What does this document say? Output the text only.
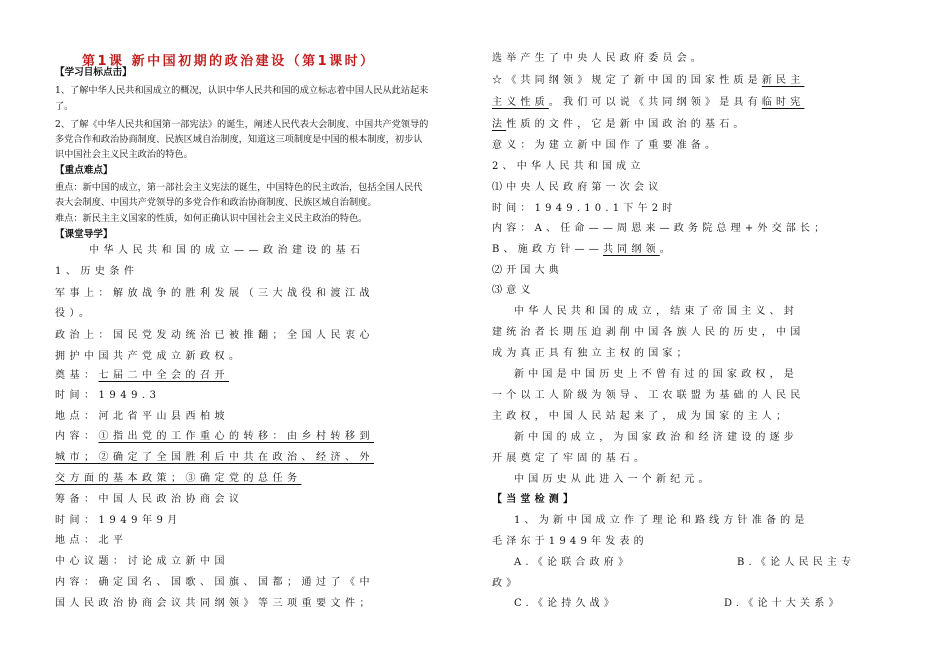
第1课 新中国初期的政治建设（第1课时）
【学习目标点击】
1、了解中华人民共和国成立的概况，认识中华人民共和国的成立标志着中国人民从此站起来
了。
2、了解《中华人民共和国第一部宪法》的诞生，阐述人民代表大会制度、中国共产党领导的
多党合作和政治协商制度、民族区域自治制度，知道这三项制度是中国的根本制度，初步认
识中国社会主义民主政治的特色。
【重点难点】
重点：新中国的成立，第一部社会主义宪法的诞生，中国特色的民主政治，包括全国人民代
表大会制度、中国共产党领导的多党合作和政治协商制度、民族区域自治制度。
难点：新民主主义国家的性质，如何正确认识中国社会主义民主政治的特色。
【课堂导学】
中华人民共和国的成立——政治建设的基石
1、历史条件
军事上：解放战争的胜利发展（三大战役和渡江战
役）。
政治上：国民党发动统治已被推翻；全国人民衷心
拥护中国共产党成立新政权。
奠基：七届二中全会的召开
时间：1949.3
地点：河北省平山县西柏坡
内容：①指出党的工作重心的转移：由乡村转移到
城市；②确定了全国胜利后中共在政治、经济、外
交方面的基本政策；③确定党的总任务
筹备：中国人民政治协商会议
时间：1949年9月
地点：北平
中心议题：讨论成立新中国
内容：确定国名、国歌、国旗、国都；通过了《中
国人民政治协商会议共同纲领》等三项重要文件；
选举产生了中央人民政府委员会。
☆《共同纲领》规定了新中国的国家性质是新民主
主义性质。我们可以说《共同纲领》是具有临时宪
法性质的文件，它是新中国政治的基石。
意义：为建立新中国作了重要准备。
2、中华人民共和国成立
⑴中央人民政府第一次会议
时间：1949.10.1下午2时
内容：A、任命——周恩来—政务院总理+外交部长；
B、施政方针——共同纲领。
⑵开国大典
⑶意义
中华人民共和国的成立，结束了帝国主义、封
建统治者长期压迫剥削中国各族人民的历史，中国
成为真正具有独立主权的国家；
新中国是中国历史上不曾有过的国家政权，是
一个以工人阶级为领导、工农联盟为基础的人民民
主政权，中国人民站起来了，成为国家的主人；
新中国的成立，为国家政治和经济建设的逐步
开展奠定了牢固的基石。
中国历史从此进入一个新纪元。
【当堂检测】
1、为新中国成立作了理论和路线方针准备的是
毛泽东于1949年发表的
A.《论联合政府》	B.《论人民民主专
政》
C.《论持久战》	D.《论十大关系》
